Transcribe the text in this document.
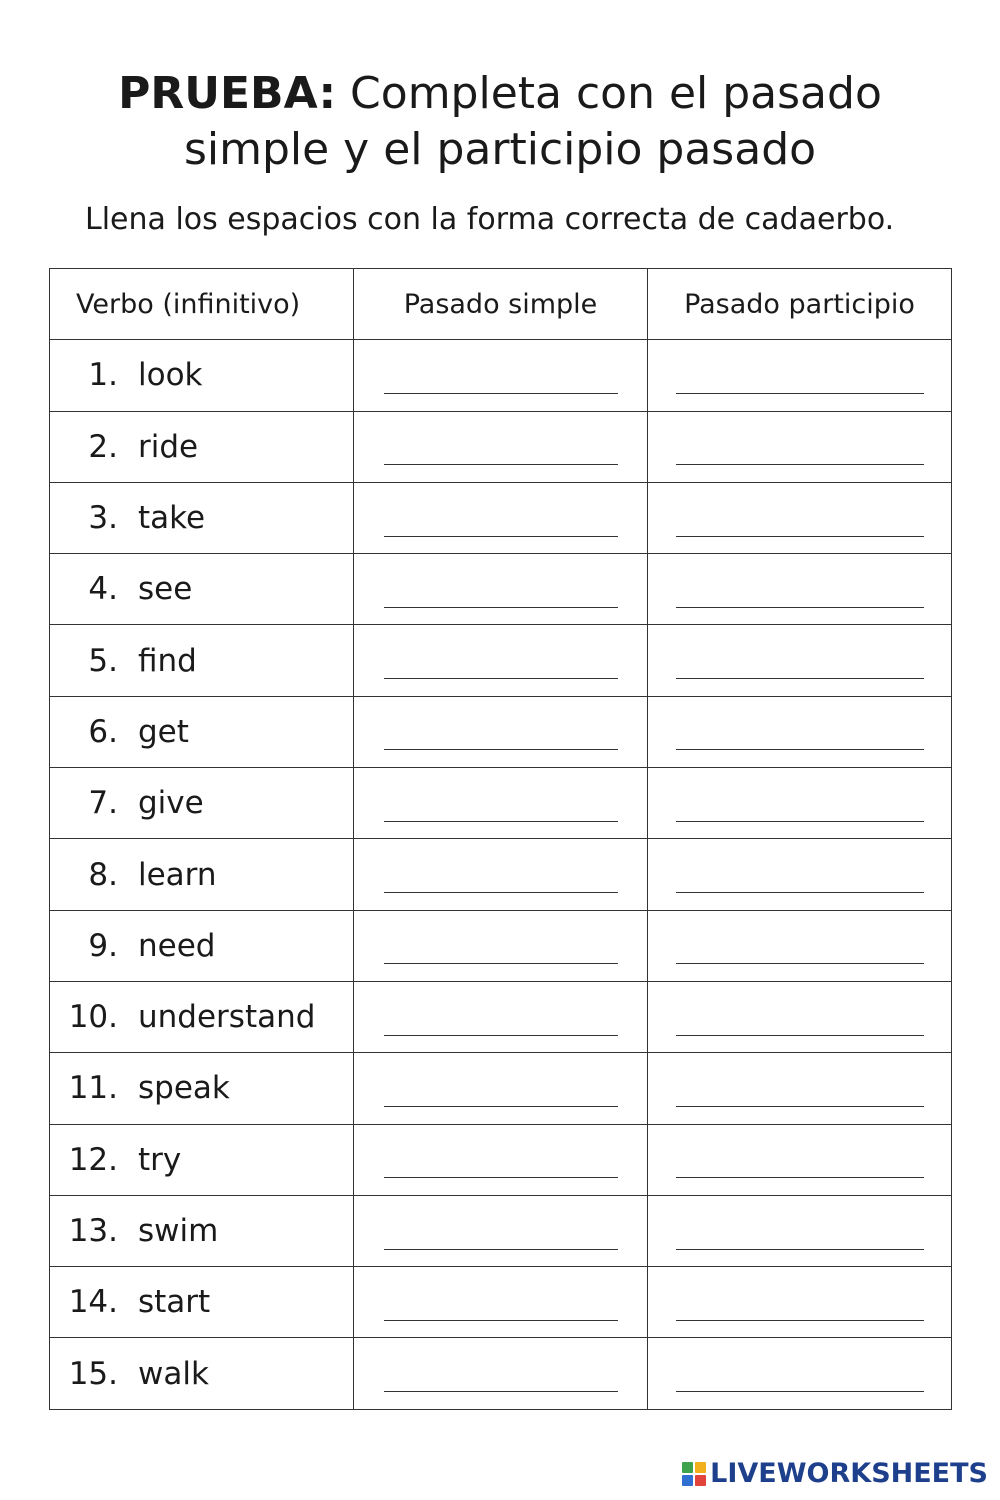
PRUEBA: Completa con el pasado
simple y el participio pasado

Llena los espacios con la forma correcta de cadaerbo.

Verbo (infinitivo)	Pasado simple	Pasado participio
1. look	

2. ride	

3. take	

4. see	

5. find	

6. get	

7. give	

8. learn	

9. need	

10. understand	

11. speak	

12. try	

13. swim	

14. start	

15. walk	

LIVEWORKSHEETS
